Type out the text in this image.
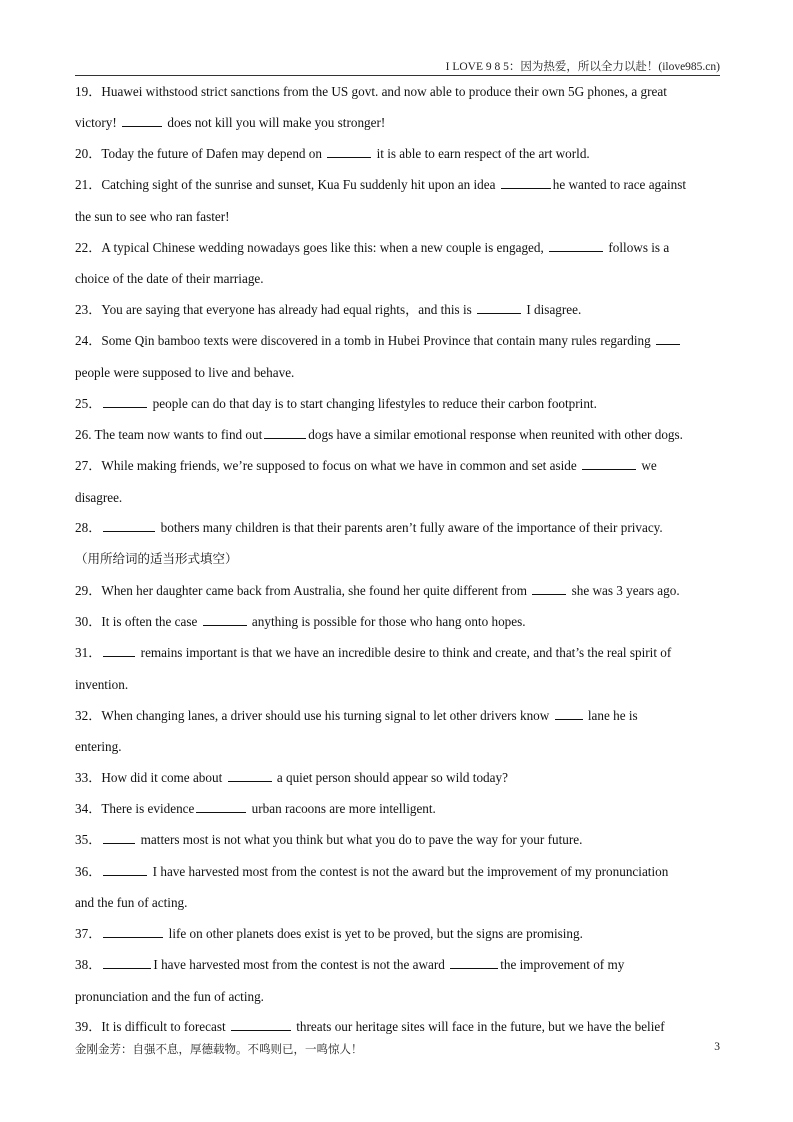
I LOVE 9 8 5：因为热爱，所以全力以赴！(ilove985.cn)
19．Huawei withstood strict sanctions from the US govt. and now able to produce their own 5G phones, a great
victory!	does not kill you will make you stronger!
20．Today the future of Dafen may depend on	it is able to earn respect of the art world.
21．Catching sight of the sunrise and sunset, Kua Fu suddenly hit upon an idea	he wanted to race against
the sun to see who ran faster!
22．A typical Chinese wedding nowadays goes like this: when a new couple is engaged,	follows is a
choice of the date of their marriage.
23．You are saying that everyone has already had equal rights，and this is	I disagree.
24．Some Qin bamboo texts were discovered in a tomb in Hubei Province that contain many rules regarding
people were supposed to live and behave.
25．	people can do that day is to start changing lifestyles to reduce their carbon footprint.
26. The team now wants to find out	dogs have a similar emotional response when reunited with other dogs.
27．While making friends, we’re supposed to focus on what we have in common and set aside	we
disagree.
28．	bothers many children is that their parents aren’t fully aware of the importance of their privacy.
（用所给词的适当形式填空）
29．When her daughter came back from Australia, she found her quite different from	she was 3 years ago.
30．It is often the case	anything is possible for those who hang onto hopes.
31．	remains important is that we have an incredible desire to think and create, and that’s the real spirit of
invention.
32．When changing lanes, a driver should use his turning signal to let other drivers know  lane he is
entering.
33．How did it come about	a quiet person should appear so wild today?
34．There is evidence	urban racoons are more intelligent.
35．	matters most is not what you think but what you do to pave the way for your future.
36．	I have harvested most from the contest is not the award but the improvement of my pronunciation
and the fun of acting.
37．	life on other planets does exist is yet to be proved, but the signs are promising.
38．	I have harvested most from the contest is not the award	the improvement of my
pronunciation and the fun of acting.
39．It is difficult to forecast	threats our heritage sites will face in the future, but we have the belief
金刚金芳：自强不息，厚德载物。不鸣则已，一鸣惊人！	3
